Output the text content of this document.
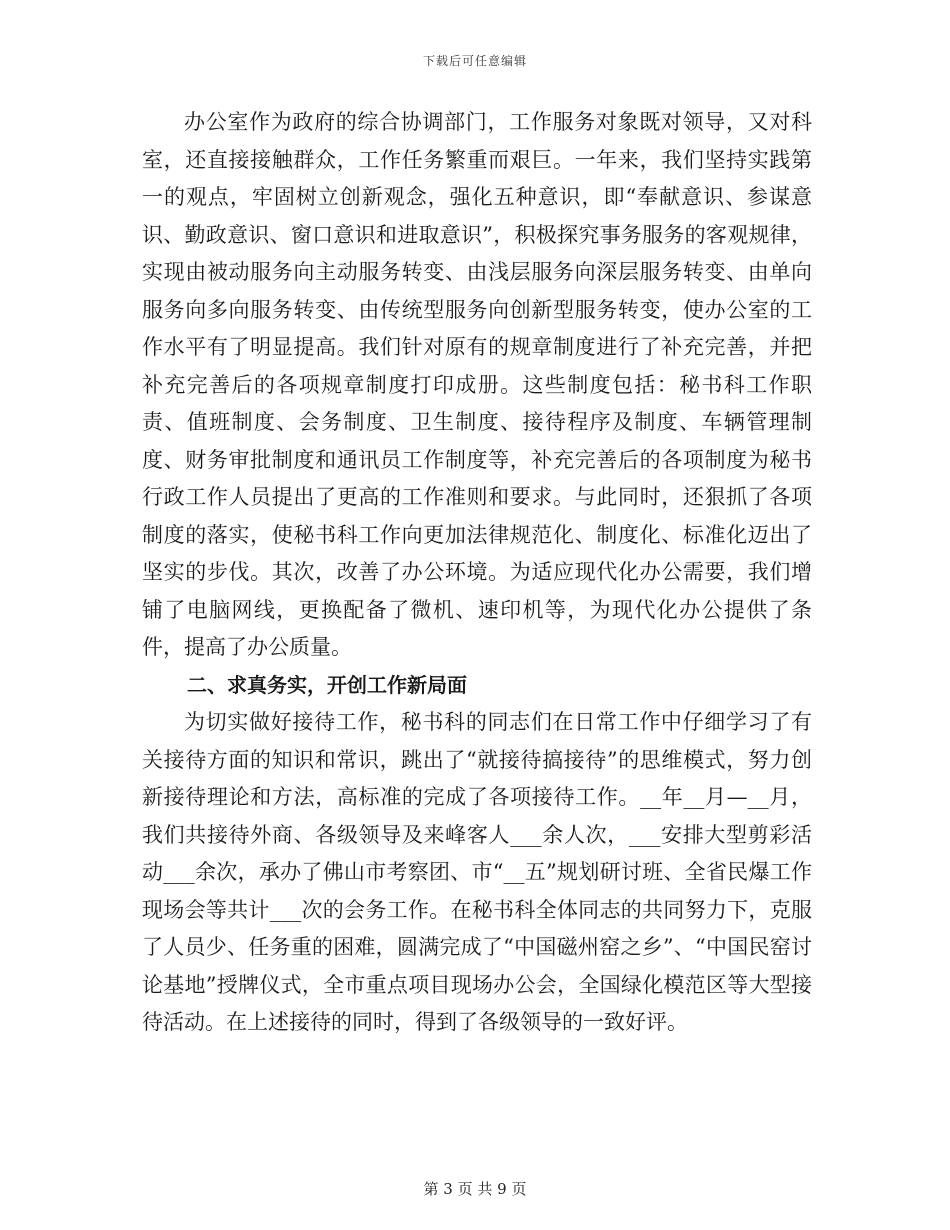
下载后可任意编辑

办公室作为政府的综合协调部门，工作服务对象既对领导，又对科室，还直接接触群众，工作任务繁重而艰巨。一年来，我们坚持实践第一的观点，牢固树立创新观念，强化五种意识，即“奉献意识、参谋意识、勤政意识、窗口意识和进取意识”，积极探究事务服务的客观规律，实现由被动服务向主动服务转变、由浅层服务向深层服务转变、由单向服务向多向服务转变、由传统型服务向创新型服务转变，使办公室的工作水平有了明显提高。我们针对原有的规章制度进行了补充完善，并把补充完善后的各项规章制度打印成册。这些制度包括：秘书科工作职责、值班制度、会务制度、卫生制度、接待程序及制度、车辆管理制度、财务审批制度和通讯员工作制度等，补充完善后的各项制度为秘书行政工作人员提出了更高的工作准则和要求。与此同时，还狠抓了各项制度的落实，使秘书科工作向更加法律规范化、制度化、标准化迈出了坚实的步伐。其次，改善了办公环境。为适应现代化办公需要，我们增铺了电脑网线，更换配备了微机、速印机等，为现代化办公提供了条件，提高了办公质量。

二、求真务实，开创工作新局面

为切实做好接待工作，秘书科的同志们在日常工作中仔细学习了有关接待方面的知识和常识，跳出了“就接待搞接待”的思维模式，努力创新接待理论和方法，高标准的完成了各项接待工作。__年__月—__月，我们共接待外商、各级领导及来峰客人___余人次，___安排大型剪彩活动___余次，承办了佛山市考察团、市“__五”规划研讨班、全省民爆工作现场会等共计___次的会务工作。在秘书科全体同志的共同努力下，克服了人员少、任务重的困难，圆满完成了“中国磁州窑之乡”、“中国民窑讨论基地”授牌仪式，全市重点项目现场办公会，全国绿化模范区等大型接待活动。在上述接待的同时，得到了各级领导的一致好评。

第 3 页 共 9 页
